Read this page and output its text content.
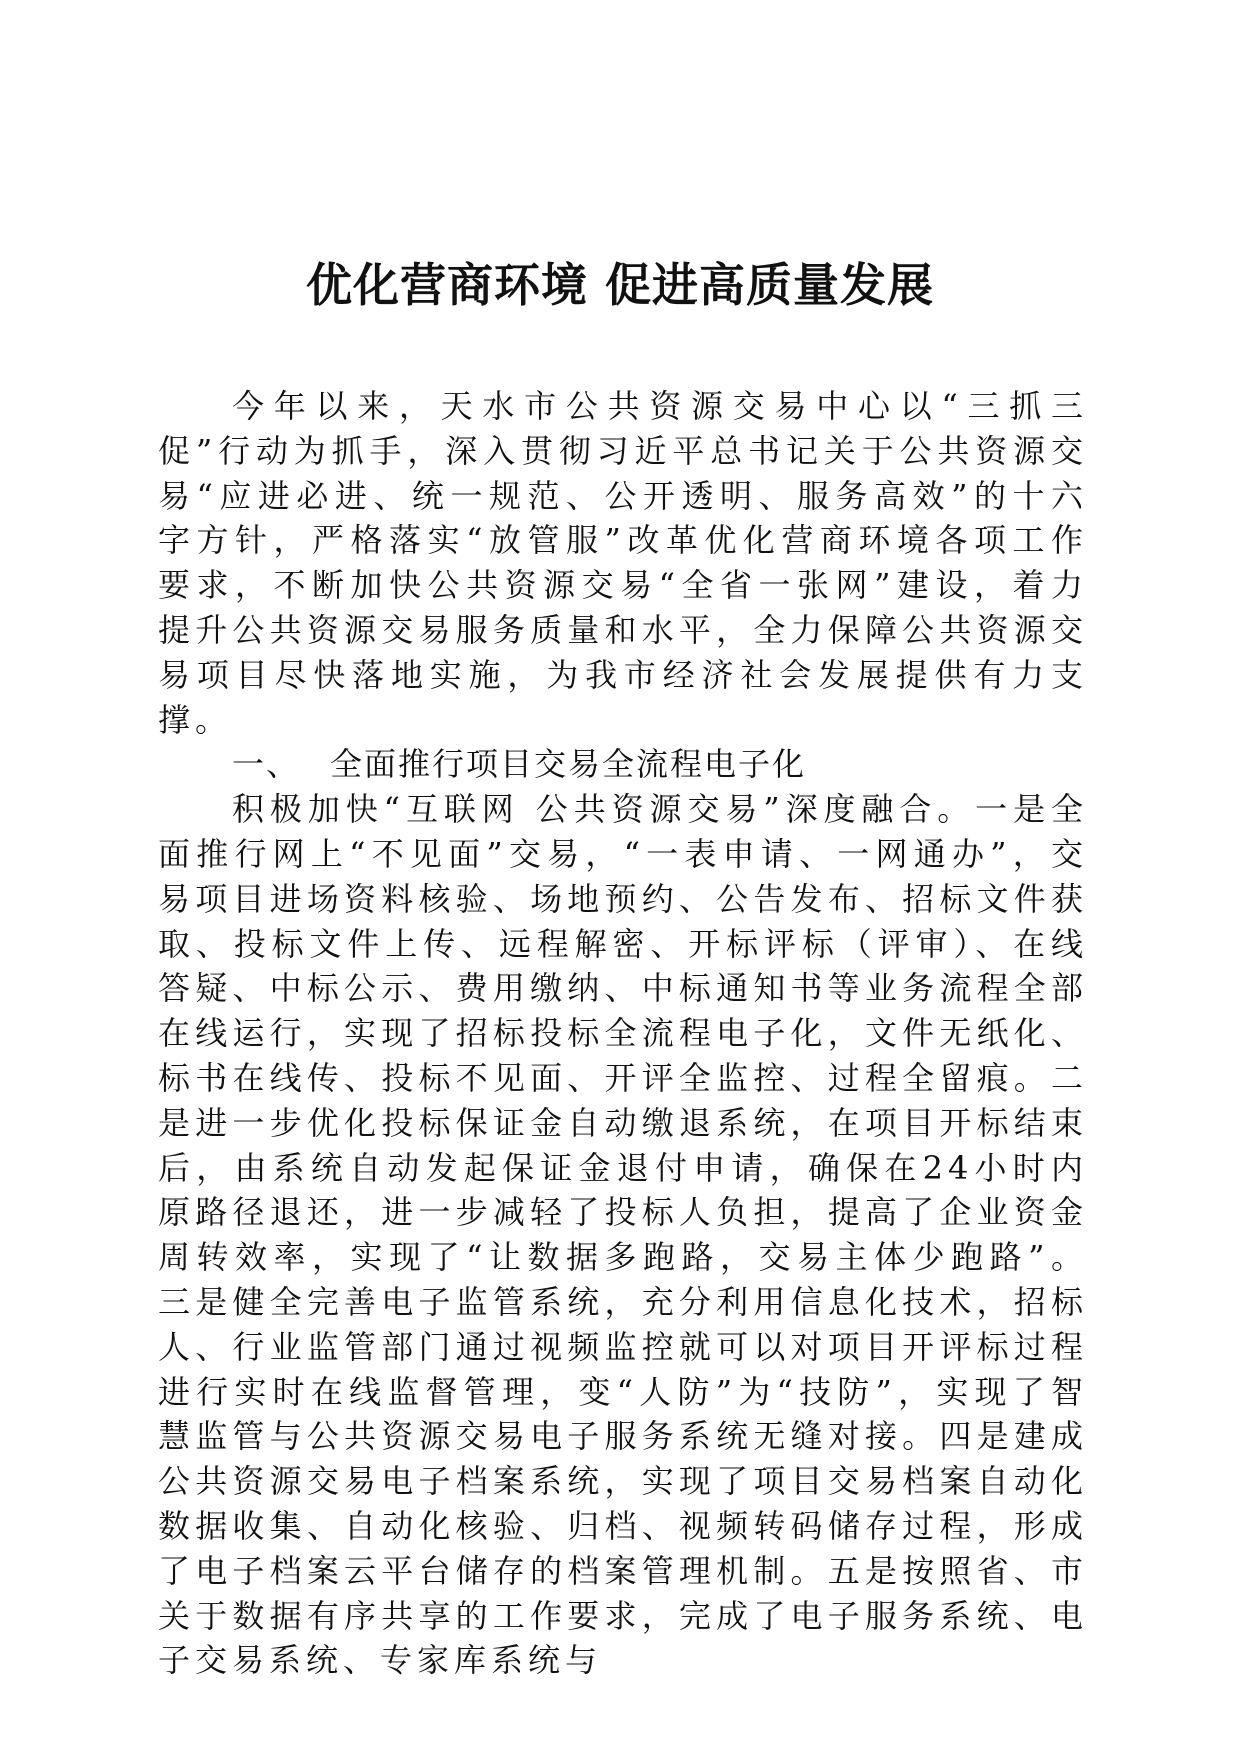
优化营商环境 促进高质量发展

今年以来，天水市公共资源交易中心以“三抓三促”行动为抓手，深入贯彻习近平总书记关于公共资源交易“应进必进、统一规范、公开透明、服务高效”的十六字方针，严格落实“放管服”改革优化营商环境各项工作要求，不断加快公共资源交易“全省一张网”建设，着力提升公共资源交易服务质量和水平，全力保障公共资源交易项目尽快落地实施，为我市经济社会发展提供有力支撑。

一、 全面推行项目交易全流程电子化

积极加快“互联网 公共资源交易”深度融合。一是全面推行网上“不见面”交易，“一表申请、一网通办”，交易项目进场资料核验、场地预约、公告发布、招标文件获取、投标文件上传、远程解密、开标评标（评审）、在线答疑、中标公示、费用缴纳、中标通知书等业务流程全部在线运行，实现了招标投标全流程电子化，文件无纸化、标书在线传、投标不见面、开评全监控、过程全留痕。二是进一步优化投标保证金自动缴退系统，在项目开标结束后，由系统自动发起保证金退付申请，确保在24小时内原路径退还，进一步减轻了投标人负担，提高了企业资金周转效率，实现了“让数据多跑路，交易主体少跑路”。三是健全完善电子监管系统，充分利用信息化技术，招标人、行业监管部门通过视频监控就可以对项目开评标过程进行实时在线监督管理，变“人防”为“技防”，实现了智慧监管与公共资源交易电子服务系统无缝对接。四是建成公共资源交易电子档案系统，实现了项目交易档案自动化数据收集、自动化核验、归档、视频转码储存过程，形成了电子档案云平台储存的档案管理机制。五是按照省、市关于数据有序共享的工作要求，完成了电子服务系统、电子交易系统、专家库系统与
